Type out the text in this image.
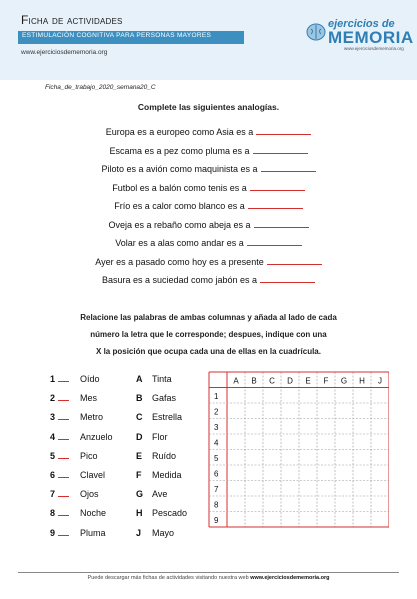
Ficha de actividades
ESTIMULACIÓN COGNITIVA PARA PERSONAS MAYORES
www.ejerciciosdememoria.org
ejercicios de
MEMORIA
www.ejerciciosdememoria.org
Ficha_de_trabajo_2020_semana20_C
Complete las siguientes analogías.
Europa es a europeo como Asia es a
Escama es a pez como pluma es a
Piloto es a avión como maquinista es a
Futbol es a balón como tenis es a
Frío es a calor como blanco es a
Oveja es a rebaño como abeja es a
Volar es a alas como andar es a
Ayer es a pasado como hoy es a presente
Basura es a suciedad como jabón es a
Relacione las palabras de ambas columnas y añada al lado de cada
número la letra que le corresponde; despues, indique con una
X la posición que ocupa cada una de ellas en la cuadrícula.
1	Oído	A Tinta
2	Mes	B Gafas
3	Metro	C Estrella
4	Anzuelo	D Flor
5	Pico	E Ruído
6	Clavel	F Medida
7	Ojos	G Ave
8	Noche	H Pescado
9	Pluma	J Mayo
A B C D E F G H J
1
2
3
4
5
6
7
8
9
Puede descargar más fichas de actividades visitando nuestra web www.ejerciciosdememoria.org
